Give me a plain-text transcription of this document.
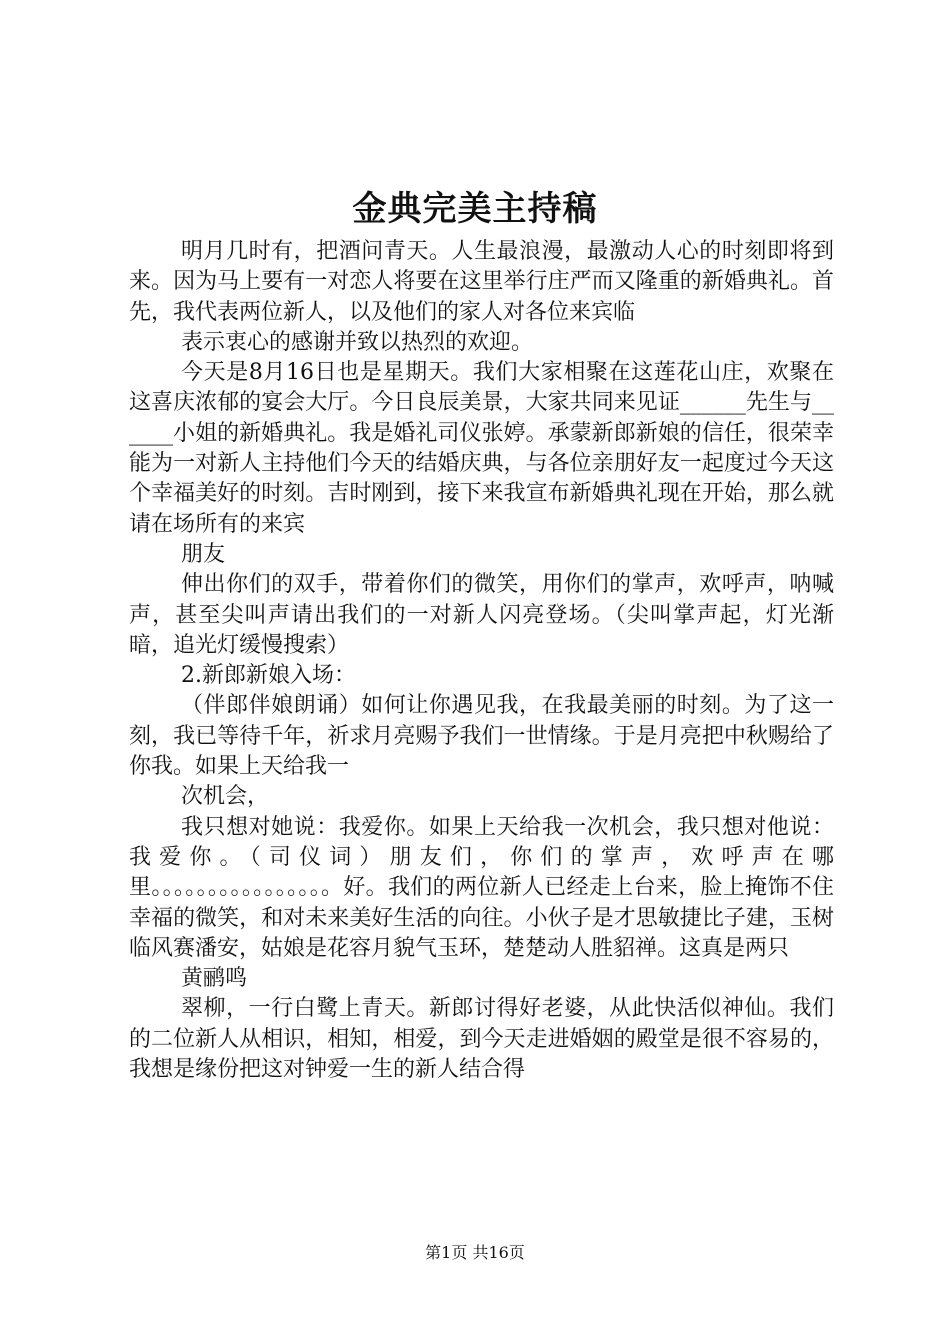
金典完美主持稿

明月几时有，把酒问青天。人生最浪漫，最激动人心的时刻即将到来。因为马上要有一对恋人将要在这里举行庄严而又隆重的新婚典礼。首先，我代表两位新人，以及他们的家人对各位来宾临

表示衷心的感谢并致以热烈的欢迎。

今天是8月16日也是星期天。我们大家相聚在这莲花山庄，欢聚在这喜庆浓郁的宴会大厅。今日良辰美景，大家共同来见证______先生与______小姐的新婚典礼。我是婚礼司仪张婷。承蒙新郎新娘的信任，很荣幸能为一对新人主持他们今天的结婚庆典，与各位亲朋好友一起度过今天这个幸福美好的时刻。吉时刚到，接下来我宣布新婚典礼现在开始，那么就请在场所有的来宾

朋友

伸出你们的双手，带着你们的微笑，用你们的掌声，欢呼声，呐喊声，甚至尖叫声请出我们的一对新人闪亮登场。（尖叫掌声起，灯光渐暗，追光灯缓慢搜索）

2.新郎新娘入场：

（伴郎伴娘朗诵）如何让你遇见我，在我最美丽的时刻。为了这一刻，我已等待千年，祈求月亮赐予我们一世情缘。于是月亮把中秋赐给了你我。如果上天给我一

次机会，

我只想对她说：我爱你。如果上天给我一次机会，我只想对他说：我爱你。（司仪词）朋友们，你们的掌声，欢呼声在哪里。。。。。。。。。。。。。。。。好。我们的两位新人已经走上台来，脸上掩饰不住幸福的微笑，和对未来美好生活的向往。小伙子是才思敏捷比子建，玉树临风赛潘安，姑娘是花容月貌气玉环，楚楚动人胜貂禅。这真是两只

黄鹂鸣

翠柳，一行白鹭上青天。新郎讨得好老婆，从此快活似神仙。我们的二位新人从相识，相知，相爱，到今天走进婚姻的殿堂是很不容易的，我想是缘份把这对钟爱一生的新人结合得

第1页 共16页
